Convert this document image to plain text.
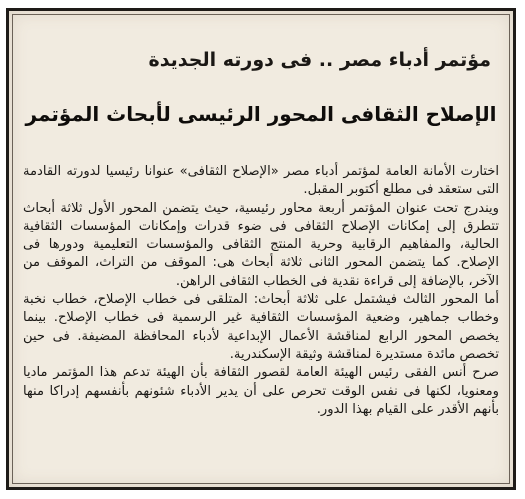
مؤتمر أدباء مصر .. فى دورته الجديدة
الإصلاح الثقافى المحور الرئيسى لأبحاث المؤتمر

اختارت الأمانة العامة لمؤتمر أدباء مصر «الإصلاح الثقافى» عنوانا رئيسيا لدورته القادمة التى ستعقد فى مطلع أكتوبر المقبل.

ويندرج تحت عنوان المؤتمر أربعة محاور رئيسية، حيث يتضمن المحور الأول ثلاثة أبحاث تتطرق إلى إمكانات الإصلاح الثقافى فى ضوء قدرات وإمكانات المؤسسات الثقافية الحالية، والمفاهيم الرقابية وحرية المنتج الثقافى والمؤسسات التعليمية ودورها فى الإصلاح. كما يتضمن المحور الثانى ثلاثة أبحاث هى: الموقف من التراث، الموقف من الآخر، بالإضافة إلى قراءة نقدية فى الخطاب الثقافى الراهن.

أما المحور الثالث فيشتمل على ثلاثة أبحاث: المتلقى فى خطاب الإصلاح، خطاب نخبة وخطاب جماهير، وضعية المؤسسات الثقافية غير الرسمية فى خطاب الإصلاح. بينما يخصص المحور الرابع لمناقشة الأعمال الإبداعية لأدباء المحافظة المضيفة. فى حين تخصص مائدة مستديرة لمناقشة وثيقة الإسكندرية.

صرح أنس الفقى رئيس الهيئة العامة لقصور الثقافة بأن الهيئة تدعم هذا المؤتمر ماديا ومعنويا، لكنها فى نفس الوقت تحرص على أن يدير الأدباء شئونهم بأنفسهم إدراكا منها بأنهم الأقدر على القيام بهذا الدور.
